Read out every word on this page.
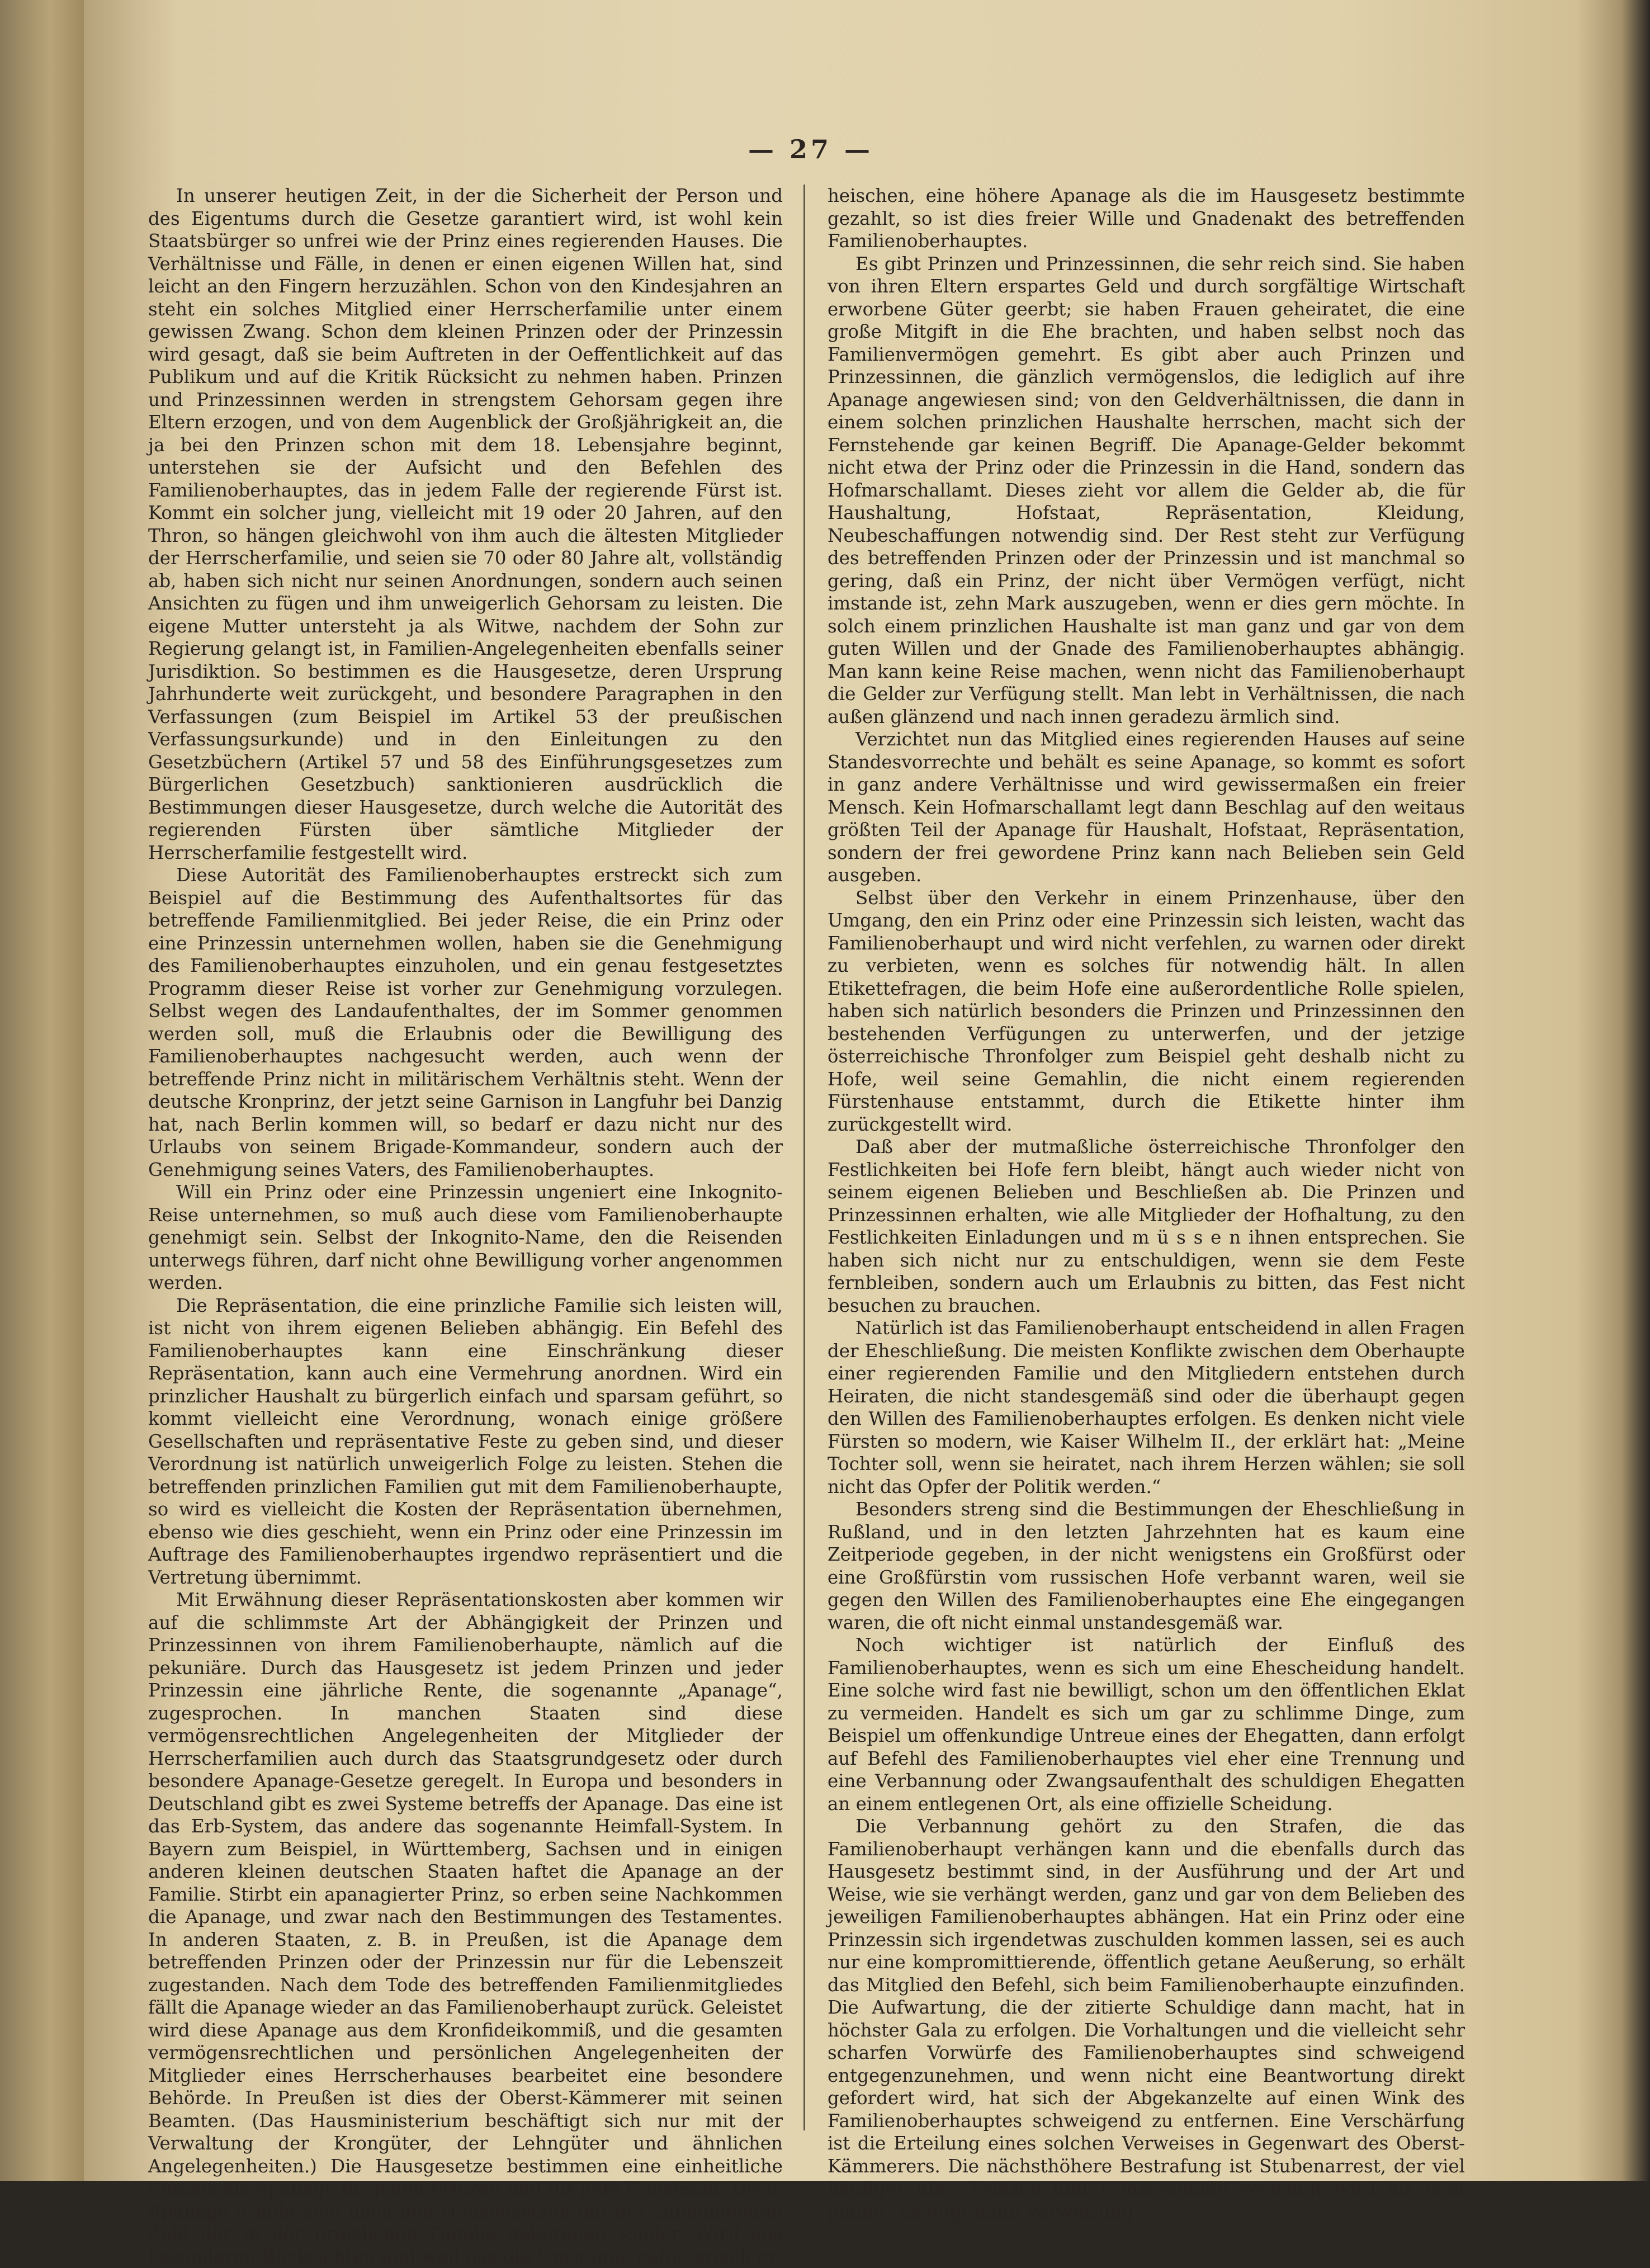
— 27 —

In unserer heutigen Zeit, in der die Sicherheit der Person und des Eigentums durch die Gesetze garantiert wird, ist wohl kein Staatsbürger so unfrei wie der Prinz eines regierenden Hauses. Die Verhältnisse und Fälle, in denen er einen eigenen Willen hat, sind leicht an den Fingern herzuzählen. Schon von den Kindesjahren an steht ein solches Mitglied einer Herrscherfamilie unter einem gewissen Zwang. Schon dem kleinen Prinzen oder der Prinzessin wird gesagt, daß sie beim Auftreten in der Oeffentlichkeit auf das Publikum und auf die Kritik Rücksicht zu nehmen haben. Prinzen und Prinzessinnen werden in strengstem Gehorsam gegen ihre Eltern erzogen, und von dem Augenblick der Großjährigkeit an, die ja bei den Prinzen schon mit dem 18. Lebensjahre beginnt, unterstehen sie der Aufsicht und den Befehlen des Familienoberhauptes, das in jedem Falle der regierende Fürst ist. Kommt ein solcher jung, vielleicht mit 19 oder 20 Jahren, auf den Thron, so hängen gleichwohl von ihm auch die ältesten Mitglieder der Herrscherfamilie, und seien sie 70 oder 80 Jahre alt, vollständig ab, haben sich nicht nur seinen Anordnungen, sondern auch seinen Ansichten zu fügen und ihm unweigerlich Gehorsam zu leisten. Die eigene Mutter untersteht ja als Witwe, nachdem der Sohn zur Regierung gelangt ist, in Familien-Angelegenheiten ebenfalls seiner Jurisdiktion. So bestimmen es die Hausgesetze, deren Ursprung Jahrhunderte weit zurückgeht, und besondere Paragraphen in den Verfassungen (zum Beispiel im Artikel 53 der preußischen Verfassungsurkunde) und in den Einleitungen zu den Gesetzbüchern (Artikel 57 und 58 des Einführungsgesetzes zum Bürgerlichen Gesetzbuch) sanktionieren ausdrücklich die Bestimmungen dieser Hausgesetze, durch welche die Autorität des regierenden Fürsten über sämtliche Mitglieder der Herrscherfamilie festgestellt wird.

Diese Autorität des Familienoberhauptes erstreckt sich zum Beispiel auf die Bestimmung des Aufenthaltsortes für das betreffende Familienmitglied. Bei jeder Reise, die ein Prinz oder eine Prinzessin unternehmen wollen, haben sie die Genehmigung des Familienoberhauptes einzuholen, und ein genau festgesetztes Programm dieser Reise ist vorher zur Genehmigung vorzulegen. Selbst wegen des Landaufenthaltes, der im Sommer genommen werden soll, muß die Erlaubnis oder die Bewilligung des Familienoberhauptes nachgesucht werden, auch wenn der betreffende Prinz nicht in militärischem Verhältnis steht. Wenn der deutsche Kronprinz, der jetzt seine Garnison in Langfuhr bei Danzig hat, nach Berlin kommen will, so bedarf er dazu nicht nur des Urlaubs von seinem Brigade-Kommandeur, sondern auch der Genehmigung seines Vaters, des Familienoberhauptes.

Will ein Prinz oder eine Prinzessin ungeniert eine Inkognito-Reise unternehmen, so muß auch diese vom Familienoberhaupte genehmigt sein. Selbst der Inkognito-Name, den die Reisenden unterwegs führen, darf nicht ohne Bewilligung vorher angenommen werden.

Die Repräsentation, die eine prinzliche Familie sich leisten will, ist nicht von ihrem eigenen Belieben abhängig. Ein Befehl des Familienoberhauptes kann eine Einschränkung dieser Repräsentation, kann auch eine Vermehrung anordnen. Wird ein prinzlicher Haushalt zu bürgerlich einfach und sparsam geführt, so kommt vielleicht eine Verordnung, wonach einige größere Gesellschaften und repräsentative Feste zu geben sind, und dieser Verordnung ist natürlich unweigerlich Folge zu leisten. Stehen die betreffenden prinzlichen Familien gut mit dem Familienoberhaupte, so wird es vielleicht die Kosten der Repräsentation übernehmen, ebenso wie dies geschieht, wenn ein Prinz oder eine Prinzessin im Auftrage des Familienoberhauptes irgendwo repräsentiert und die Vertretung übernimmt.

Mit Erwähnung dieser Repräsentationskosten aber kommen wir auf die schlimmste Art der Abhängigkeit der Prinzen und Prinzessinnen von ihrem Familienoberhaupte, nämlich auf die pekuniäre. Durch das Hausgesetz ist jedem Prinzen und jeder Prinzessin eine jährliche Rente, die sogenannte „Apanage“, zugesprochen. In manchen Staaten sind diese vermögensrechtlichen Angelegenheiten der Mitglieder der Herrscherfamilien auch durch das Staatsgrundgesetz oder durch besondere Apanage-Gesetze geregelt. In Europa und besonders in Deutschland gibt es zwei Systeme betreffs der Apanage. Das eine ist das Erb-System, das andere das sogenannte Heimfall-System. In Bayern zum Beispiel, in Württemberg, Sachsen und in einigen anderen kleinen deutschen Staaten haftet die Apanage an der Familie. Stirbt ein apanagierter Prinz, so erben seine Nachkommen die Apanage, und zwar nach den Bestimmungen des Testamentes. In anderen Staaten, z. B. in Preußen, ist die Apanage dem betreffenden Prinzen oder der Prinzessin nur für die Lebenszeit zugestanden. Nach dem Tode des betreffenden Familienmitgliedes fällt die Apanage wieder an das Familienoberhaupt zurück. Geleistet wird diese Apanage aus dem Kronfideikommiß, und die gesamten vermögensrechtlichen und persönlichen Angelegenheiten der Mitglieder eines Herrscherhauses bearbeitet eine besondere Behörde. In Preußen ist dies der Oberst-Kämmerer mit seinen Beamten. (Das Hausministerium beschäftigt sich nur mit der Verwaltung der Krongüter, der Lehngüter und ähnlichen Angelegenheiten.) Die Hausgesetze bestimmen eine einheitliche Summe als Apanage für jeden Prinzen und für jede Prinzessin. Diese Apanage erhöht sich nach den Hausgesetzen mit der zunehmenden Zahl der in der prinzlichen Familie geborenen Kinder. Wird aus besonderen Rücksichten und weil das die Umstände gebieterisch er-

heischen, eine höhere Apanage als die im Hausgesetz bestimmte gezahlt, so ist dies freier Wille und Gnadenakt des betreffenden Familienoberhauptes.

Es gibt Prinzen und Prinzessinnen, die sehr reich sind. Sie haben von ihren Eltern erspartes Geld und durch sorgfältige Wirtschaft erworbene Güter geerbt; sie haben Frauen geheiratet, die eine große Mitgift in die Ehe brachten, und haben selbst noch das Familienvermögen gemehrt. Es gibt aber auch Prinzen und Prinzessinnen, die gänzlich vermögenslos, die lediglich auf ihre Apanage angewiesen sind; von den Geldverhältnissen, die dann in einem solchen prinzlichen Haushalte herrschen, macht sich der Fernstehende gar keinen Begriff. Die Apanage-Gelder bekommt nicht etwa der Prinz oder die Prinzessin in die Hand, sondern das Hofmarschallamt. Dieses zieht vor allem die Gelder ab, die für Haushaltung, Hofstaat, Repräsentation, Kleidung, Neubeschaffungen notwendig sind. Der Rest steht zur Verfügung des betreffenden Prinzen oder der Prinzessin und ist manchmal so gering, daß ein Prinz, der nicht über Vermögen verfügt, nicht imstande ist, zehn Mark auszugeben, wenn er dies gern möchte. In solch einem prinzlichen Haushalte ist man ganz und gar von dem guten Willen und der Gnade des Familienoberhauptes abhängig. Man kann keine Reise machen, wenn nicht das Familienoberhaupt die Gelder zur Verfügung stellt. Man lebt in Verhältnissen, die nach außen glänzend und nach innen geradezu ärmlich sind.

Verzichtet nun das Mitglied eines regierenden Hauses auf seine Standesvorrechte und behält es seine Apanage, so kommt es sofort in ganz andere Verhältnisse und wird gewissermaßen ein freier Mensch. Kein Hofmarschallamt legt dann Beschlag auf den weitaus größten Teil der Apanage für Haushalt, Hofstaat, Repräsentation, sondern der frei gewordene Prinz kann nach Belieben sein Geld ausgeben.

Selbst über den Verkehr in einem Prinzenhause, über den Umgang, den ein Prinz oder eine Prinzessin sich leisten, wacht das Familienoberhaupt und wird nicht verfehlen, zu warnen oder direkt zu verbieten, wenn es solches für notwendig hält. In allen Etikettefragen, die beim Hofe eine außerordentliche Rolle spielen, haben sich natürlich besonders die Prinzen und Prinzessinnen den bestehenden Verfügungen zu unterwerfen, und der jetzige österreichische Thronfolger zum Beispiel geht deshalb nicht zu Hofe, weil seine Gemahlin, die nicht einem regierenden Fürstenhause entstammt, durch die Etikette hinter ihm zurückgestellt wird.

Daß aber der mutmaßliche österreichische Thronfolger den Festlichkeiten bei Hofe fern bleibt, hängt auch wieder nicht von seinem eigenen Belieben und Beschließen ab. Die Prinzen und Prinzessinnen erhalten, wie alle Mitglieder der Hofhaltung, zu den Festlichkeiten Einladungen und m ü s s e n ihnen entsprechen. Sie haben sich nicht nur zu entschuldigen, wenn sie dem Feste fernbleiben, sondern auch um Erlaubnis zu bitten, das Fest nicht besuchen zu brauchen.

Natürlich ist das Familienoberhaupt entscheidend in allen Fragen der Eheschließung. Die meisten Konflikte zwischen dem Oberhaupte einer regierenden Familie und den Mitgliedern entstehen durch Heiraten, die nicht standesgemäß sind oder die überhaupt gegen den Willen des Familienoberhauptes erfolgen. Es denken nicht viele Fürsten so modern, wie Kaiser Wilhelm II., der erklärt hat: „Meine Tochter soll, wenn sie heiratet, nach ihrem Herzen wählen; sie soll nicht das Opfer der Politik werden.“

Besonders streng sind die Bestimmungen der Eheschließung in Rußland, und in den letzten Jahrzehnten hat es kaum eine Zeitperiode gegeben, in der nicht wenigstens ein Großfürst oder eine Großfürstin vom russischen Hofe verbannt waren, weil sie gegen den Willen des Familienoberhauptes eine Ehe eingegangen waren, die oft nicht einmal unstandesgemäß war.

Noch wichtiger ist natürlich der Einfluß des Familienoberhauptes, wenn es sich um eine Ehescheidung handelt. Eine solche wird fast nie bewilligt, schon um den öffentlichen Eklat zu vermeiden. Handelt es sich um gar zu schlimme Dinge, zum Beispiel um offenkundige Untreue eines der Ehegatten, dann erfolgt auf Befehl des Familienoberhauptes viel eher eine Trennung und eine Verbannung oder Zwangsaufenthalt des schuldigen Ehegatten an einem entlegenen Ort, als eine offizielle Scheidung.

Die Verbannung gehört zu den Strafen, die das Familienoberhaupt verhängen kann und die ebenfalls durch das Hausgesetz bestimmt sind, in der Ausführung und der Art und Weise, wie sie verhängt werden, ganz und gar von dem Belieben des jeweiligen Familienoberhauptes abhängen. Hat ein Prinz oder eine Prinzessin sich irgendetwas zuschulden kommen lassen, sei es auch nur eine kompromittierende, öffentlich getane Aeußerung, so erhält das Mitglied den Befehl, sich beim Familienoberhaupte einzufinden. Die Aufwartung, die der zitierte Schuldige dann macht, hat in höchster Gala zu erfolgen. Die Vorhaltungen und die vielleicht sehr scharfen Vorwürfe des Familienoberhauptes sind schweigend entgegenzunehmen, und wenn nicht eine Beantwortung direkt gefordert wird, hat sich der Abgekanzelte auf einen Wink des Familienoberhauptes schweigend zu entfernen. Eine Verschärfung ist die Erteilung eines solchen Verweises in Gegenwart des Oberst-Kämmerers. Die nächsthöhere Bestrafung ist Stubenarrest, der viel häufiger über Prinzen und Prinzessinnen verhängt wird als man glaubt. Es folgt dann Verweisung
